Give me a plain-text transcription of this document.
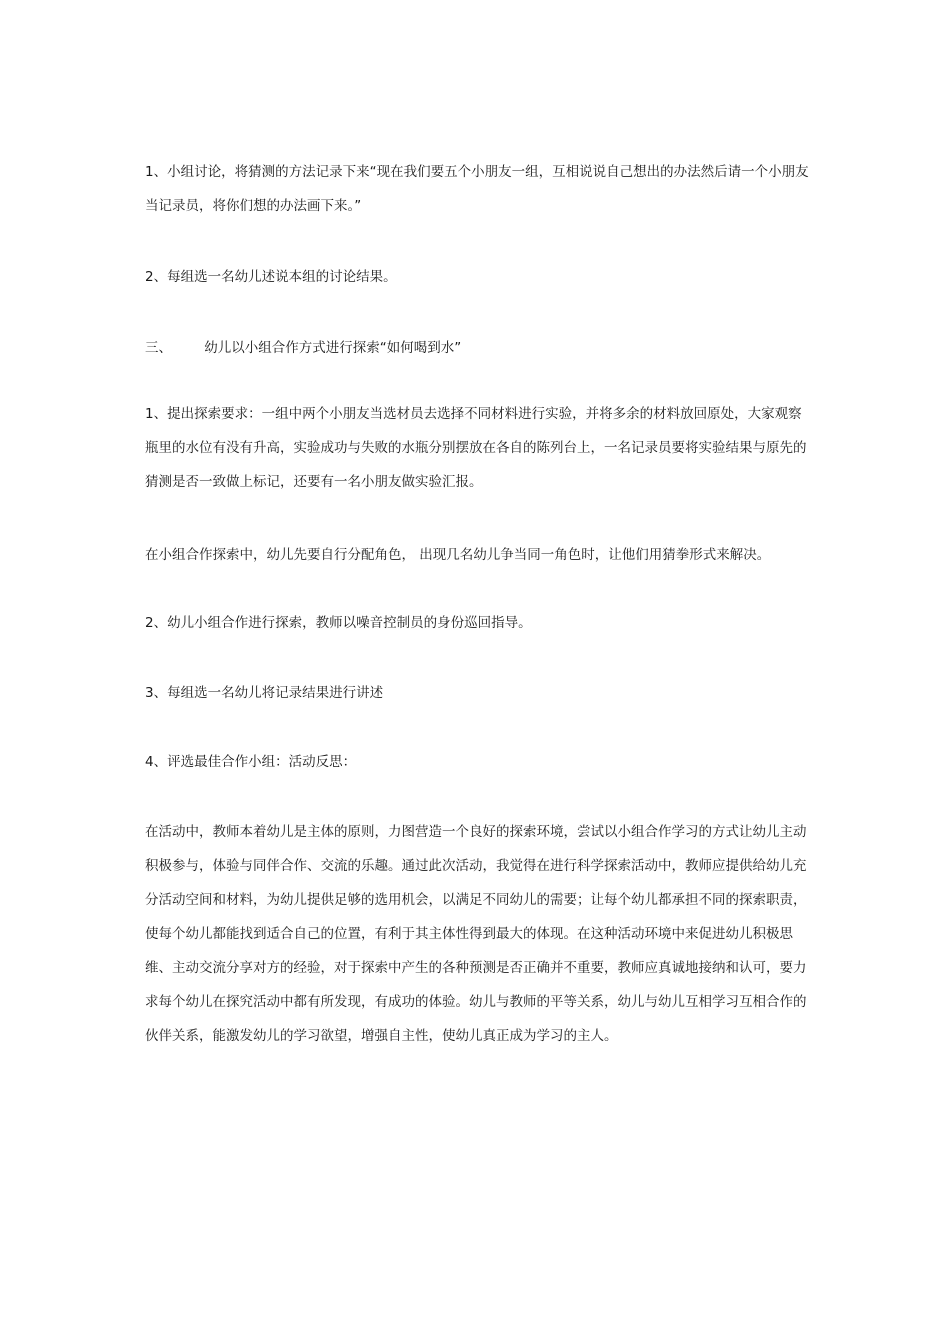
1、小组讨论，将猜测的方法记录下来“现在我们要五个小朋友一组，互相说说自己想出的办法然后请一个小朋友当记录员，将你们想的办法画下来。”

2、每组选一名幼儿述说本组的讨论结果。

三、 幼儿以小组合作方式进行探索“如何喝到水”

1、提出探索要求：一组中两个小朋友当选材员去选择不同材料进行实验，并将多余的材料放回原处，大家观察瓶里的水位有没有升高，实验成功与失败的水瓶分别摆放在各自的陈列台上，一名记录员要将实验结果与原先的猜测是否一致做上标记，还要有一名小朋友做实验汇报。

在小组合作探索中，幼儿先要自行分配角色， 出现几名幼儿争当同一角色时，让他们用猜拳形式来解决。

2、幼儿小组合作进行探索，教师以噪音控制员的身份巡回指导。

3、每组选一名幼儿将记录结果进行讲述

4、评选最佳合作小组：活动反思：

在活动中，教师本着幼儿是主体的原则，力图营造一个良好的探索环境，尝试以小组合作学习的方式让幼儿主动积极参与，体验与同伴合作、交流的乐趣。通过此次活动，我觉得在进行科学探索活动中，教师应提供给幼儿充分活动空间和材料，为幼儿提供足够的选用机会，以满足不同幼儿的需要；让每个幼儿都承担不同的探索职责，使每个幼儿都能找到适合自己的位置，有利于其主体性得到最大的体现。在这种活动环境中来促进幼儿积极思维、主动交流分享对方的经验，对于探索中产生的各种预测是否正确并不重要，教师应真诚地接纳和认可，要力求每个幼儿在探究活动中都有所发现，有成功的体验。幼儿与教师的平等关系，幼儿与幼儿互相学习互相合作的伙伴关系，能激发幼儿的学习欲望，增强自主性，使幼儿真正成为学习的主人。
